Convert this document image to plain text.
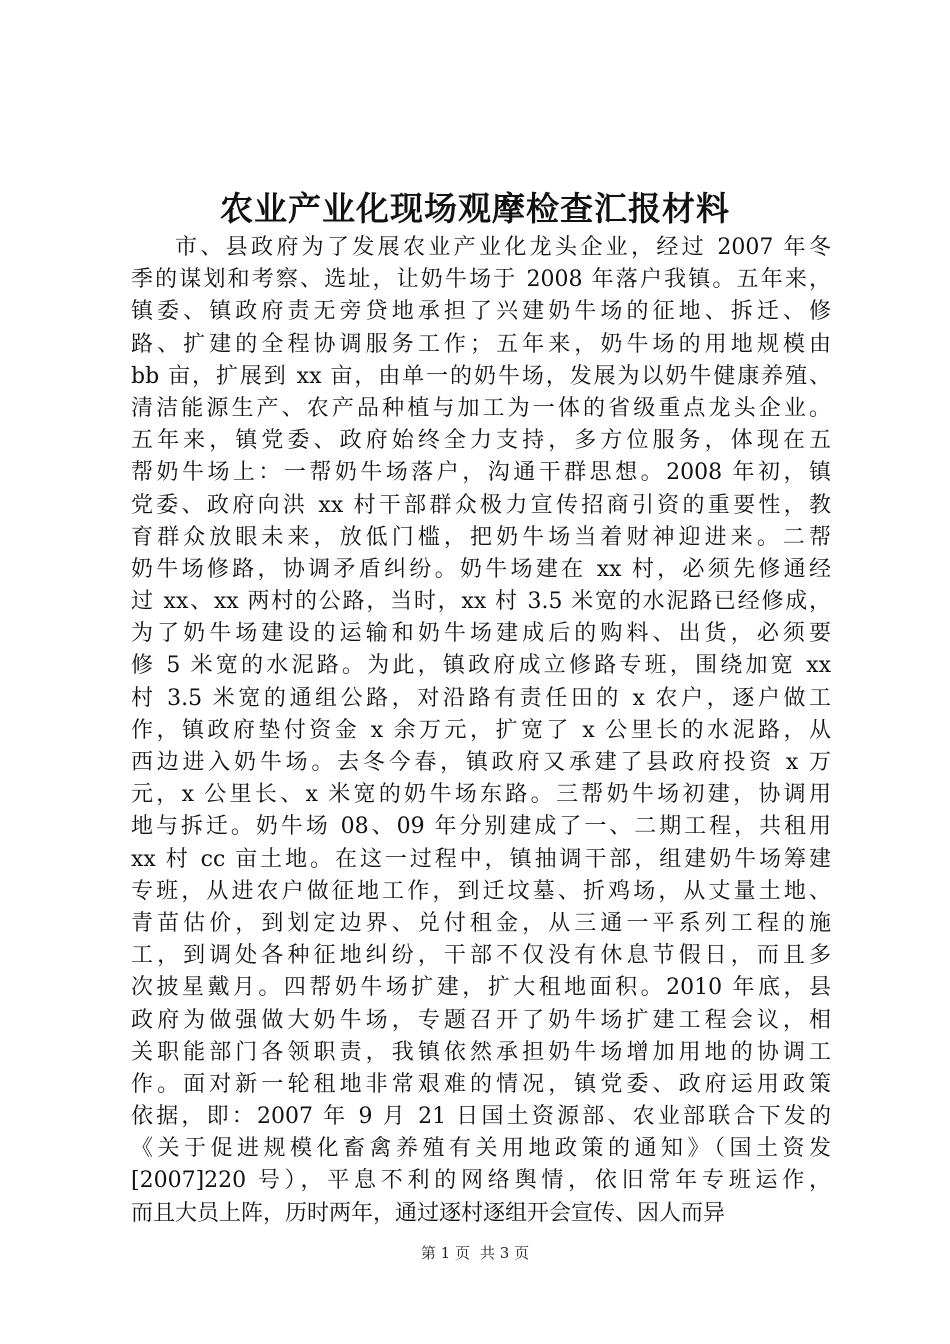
农业产业化现场观摩检查汇报材料
市、县政府为了发展农业产业化龙头企业，经过 2007 年冬
季的谋划和考察、选址，让奶牛场于 2008 年落户我镇。五年来，
镇委、镇政府责无旁贷地承担了兴建奶牛场的征地、拆迁、修
路、扩建的全程协调服务工作；五年来，奶牛场的用地规模由
bb 亩，扩展到 xx 亩，由单一的奶牛场，发展为以奶牛健康养殖、
清洁能源生产、农产品种植与加工为一体的省级重点龙头企业。
五年来，镇党委、政府始终全力支持，多方位服务，体现在五
帮奶牛场上：一帮奶牛场落户，沟通干群思想。2008 年初，镇
党委、政府向洪 xx 村干部群众极力宣传招商引资的重要性，教
育群众放眼未来，放低门槛，把奶牛场当着财神迎进来。二帮
奶牛场修路，协调矛盾纠纷。奶牛场建在 xx 村，必须先修通经
过 xx、xx 两村的公路，当时，xx 村 3.5 米宽的水泥路已经修成，
为了奶牛场建设的运输和奶牛场建成后的购料、出货，必须要
修 5 米宽的水泥路。为此，镇政府成立修路专班，围绕加宽 xx
村 3.5 米宽的通组公路，对沿路有责任田的 x 农户，逐户做工
作，镇政府垫付资金 x 余万元，扩宽了 x 公里长的水泥路，从
西边进入奶牛场。去冬今春，镇政府又承建了县政府投资 x 万
元，x 公里长、x 米宽的奶牛场东路。三帮奶牛场初建，协调用
地与拆迁。奶牛场 08、09 年分别建成了一、二期工程，共租用
xx 村 cc 亩土地。在这一过程中，镇抽调干部，组建奶牛场筹建
专班，从进农户做征地工作，到迁坟墓、折鸡场，从丈量土地、
青苗估价，到划定边界、兑付租金，从三通一平系列工程的施
工，到调处各种征地纠纷，干部不仅没有休息节假日，而且多
次披星戴月。四帮奶牛场扩建，扩大租地面积。2010 年底，县
政府为做强做大奶牛场，专题召开了奶牛场扩建工程会议，相
关职能部门各领职责，我镇依然承担奶牛场增加用地的协调工
作。面对新一轮租地非常艰难的情况，镇党委、政府运用政策
依据，即：2007 年 9 月 21 日国土资源部、农业部联合下发的
《关于促进规模化畜禽养殖有关用地政策的通知》（国土资发
[2007]220 号），平息不利的网络舆情，依旧常年专班运作，
而且大员上阵，历时两年，通过逐村逐组开会宣传、因人而异
第 1 页 共 3 页
